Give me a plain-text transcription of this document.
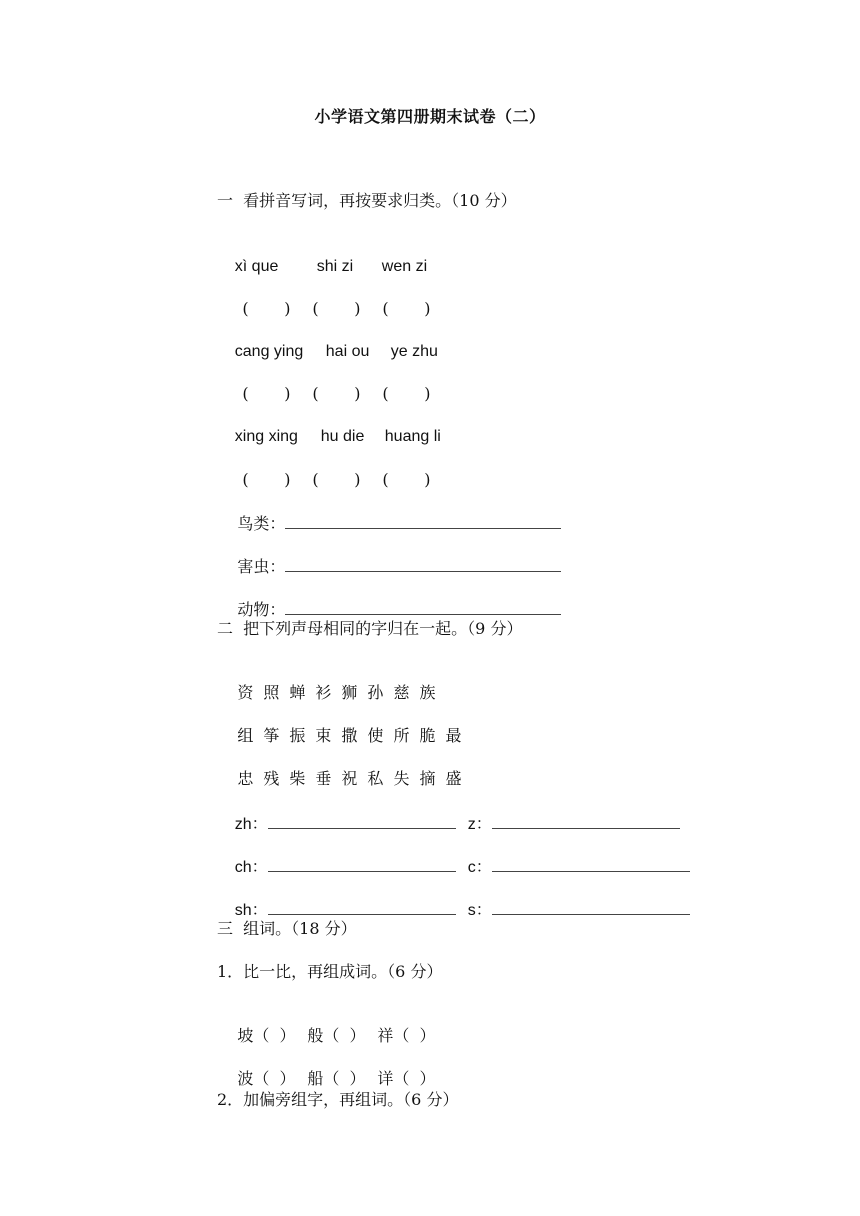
小学语文第四册期末试卷（二）
一  看拼音写词，再按要求归类。（10 分）

xì que shi zi wen zi

(       ) (       ) (       )

cang ying hai ou ye zhu

(       ) (       ) (       )

xing xing hu die huang li

(       ) (       ) (       )

鸟类：

害虫：

动物：

二  把下列声母相同的字归在一起。（9 分）

资 照 蝉 衫 狮 孙 慈 族

组 筝 振 束 撒 使 所 脆 最

忠 残 柴 垂 祝 私 失 摘 盛

zh：	z：

ch：	c：

sh：	s：

三  组词。（18 分）
1．比一比，再组成词。（6 分）

坡（  ） 般（  ） 祥（  ）

波（  ） 船（  ） 详（  ）

2．加偏旁组字，再组词。（6 分）
